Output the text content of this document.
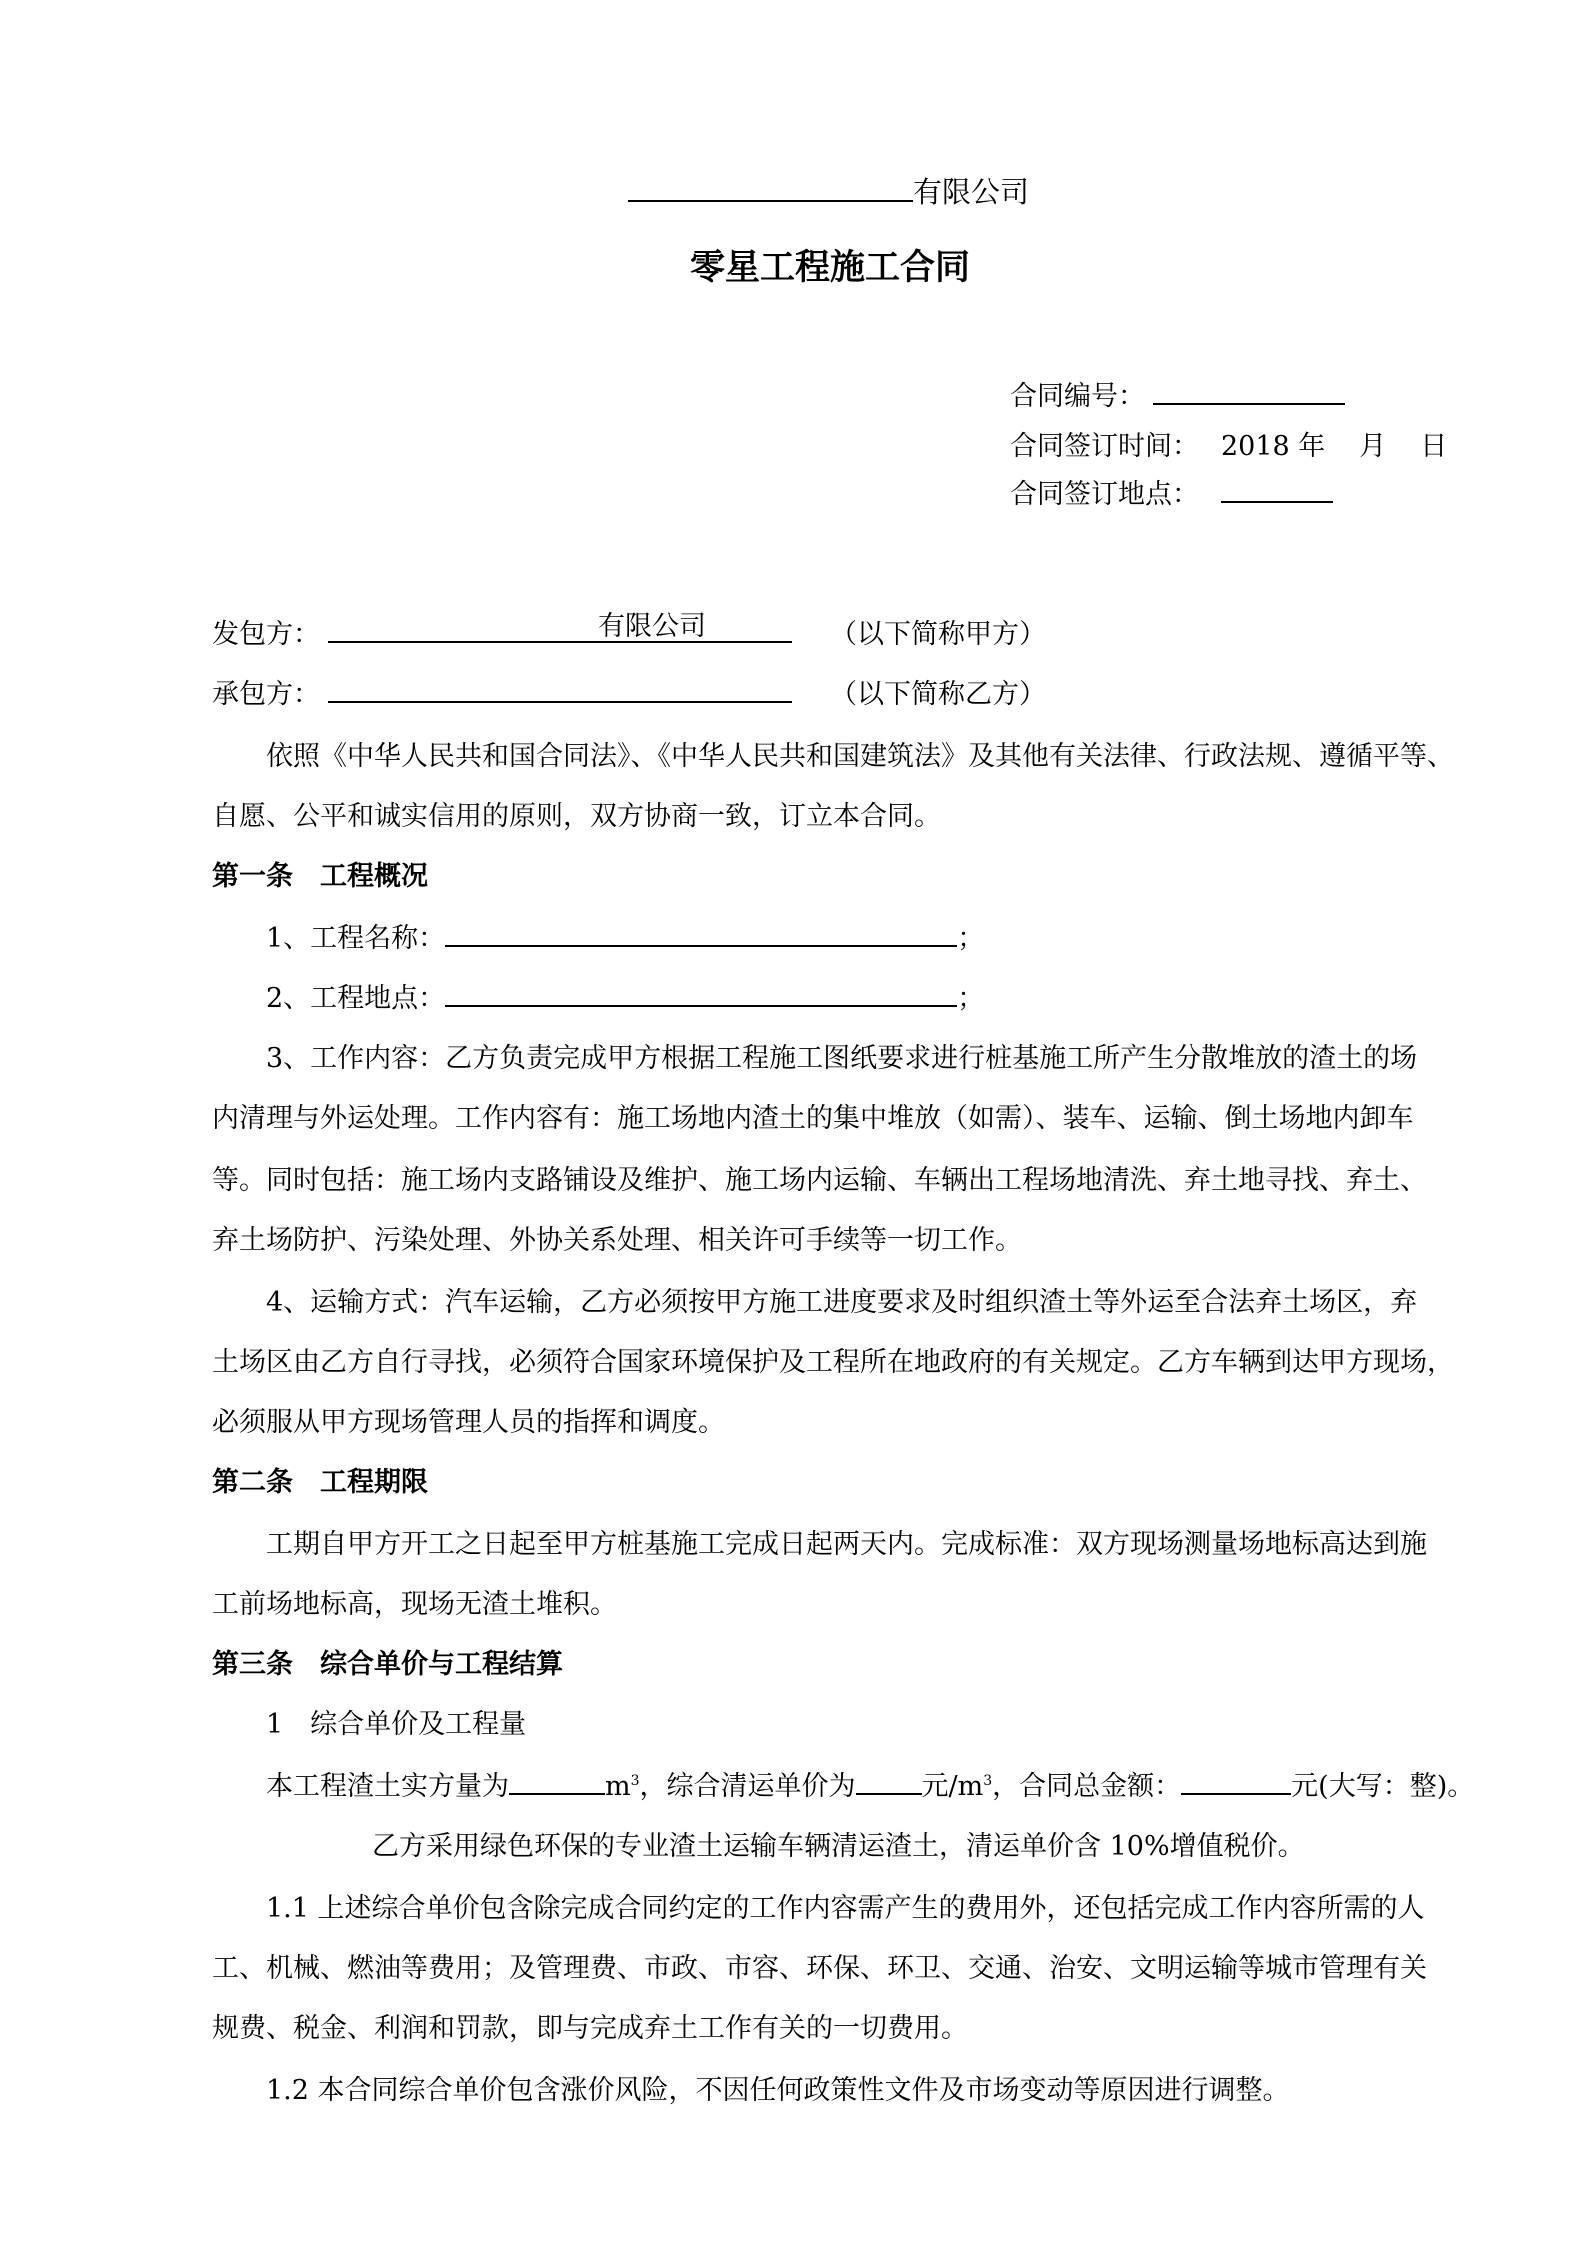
有限公司
零星工程施工合同
合同编号：
合同签订时间： 2018 年 月 日
合同签订地点：
发包方：	有限公司	（以下简称甲方）
承包方：	（以下简称乙方）
依照《中华人民共和国合同法》、《中华人民共和国建筑法》及其他有关法律、行政法规、遵循平等、
自愿、公平和诚实信用的原则，双方协商一致，订立本合同。
第一条　工程概况
1、工程名称：	；
2、工程地点：	；
3、工作内容：乙方负责完成甲方根据工程施工图纸要求进行桩基施工所产生分散堆放的渣土的场
内清理与外运处理。工作内容有：施工场地内渣土的集中堆放（如需）、装车、运输、倒土场地内卸车
等。同时包括：施工场内支路铺设及维护、施工场内运输、车辆出工程场地清洗、弃土地寻找、弃土、
弃土场防护、污染处理、外协关系处理、相关许可手续等一切工作。
4、运输方式：汽车运输，乙方必须按甲方施工进度要求及时组织渣土等外运至合法弃土场区，弃
土场区由乙方自行寻找，必须符合国家环境保护及工程所在地政府的有关规定。乙方车辆到达甲方现场，
必须服从甲方现场管理人员的指挥和调度。
第二条　工程期限
工期自甲方开工之日起至甲方桩基施工完成日起两天内。完成标准：双方现场测量场地标高达到施
工前场地标高，现场无渣土堆积。
第三条　综合单价与工程结算
1　综合单价及工程量
本工程渣土实方量为	$m^3$，综合清运单价为 元$/m^3$，合同总金额：	元(大写：整)。
乙方采用绿色环保的专业渣土运输车辆清运渣土，清运单价含 10%增值税价。
1.1 上述综合单价包含除完成合同约定的工作内容需产生的费用外，还包括完成工作内容所需的人
工、机械、燃油等费用；及管理费、市政、市容、环保、环卫、交通、治安、文明运输等城市管理有关
规费、税金、利润和罚款，即与完成弃土工作有关的一切费用。
1.2 本合同综合单价包含涨价风险，不因任何政策性文件及市场变动等原因进行调整。
